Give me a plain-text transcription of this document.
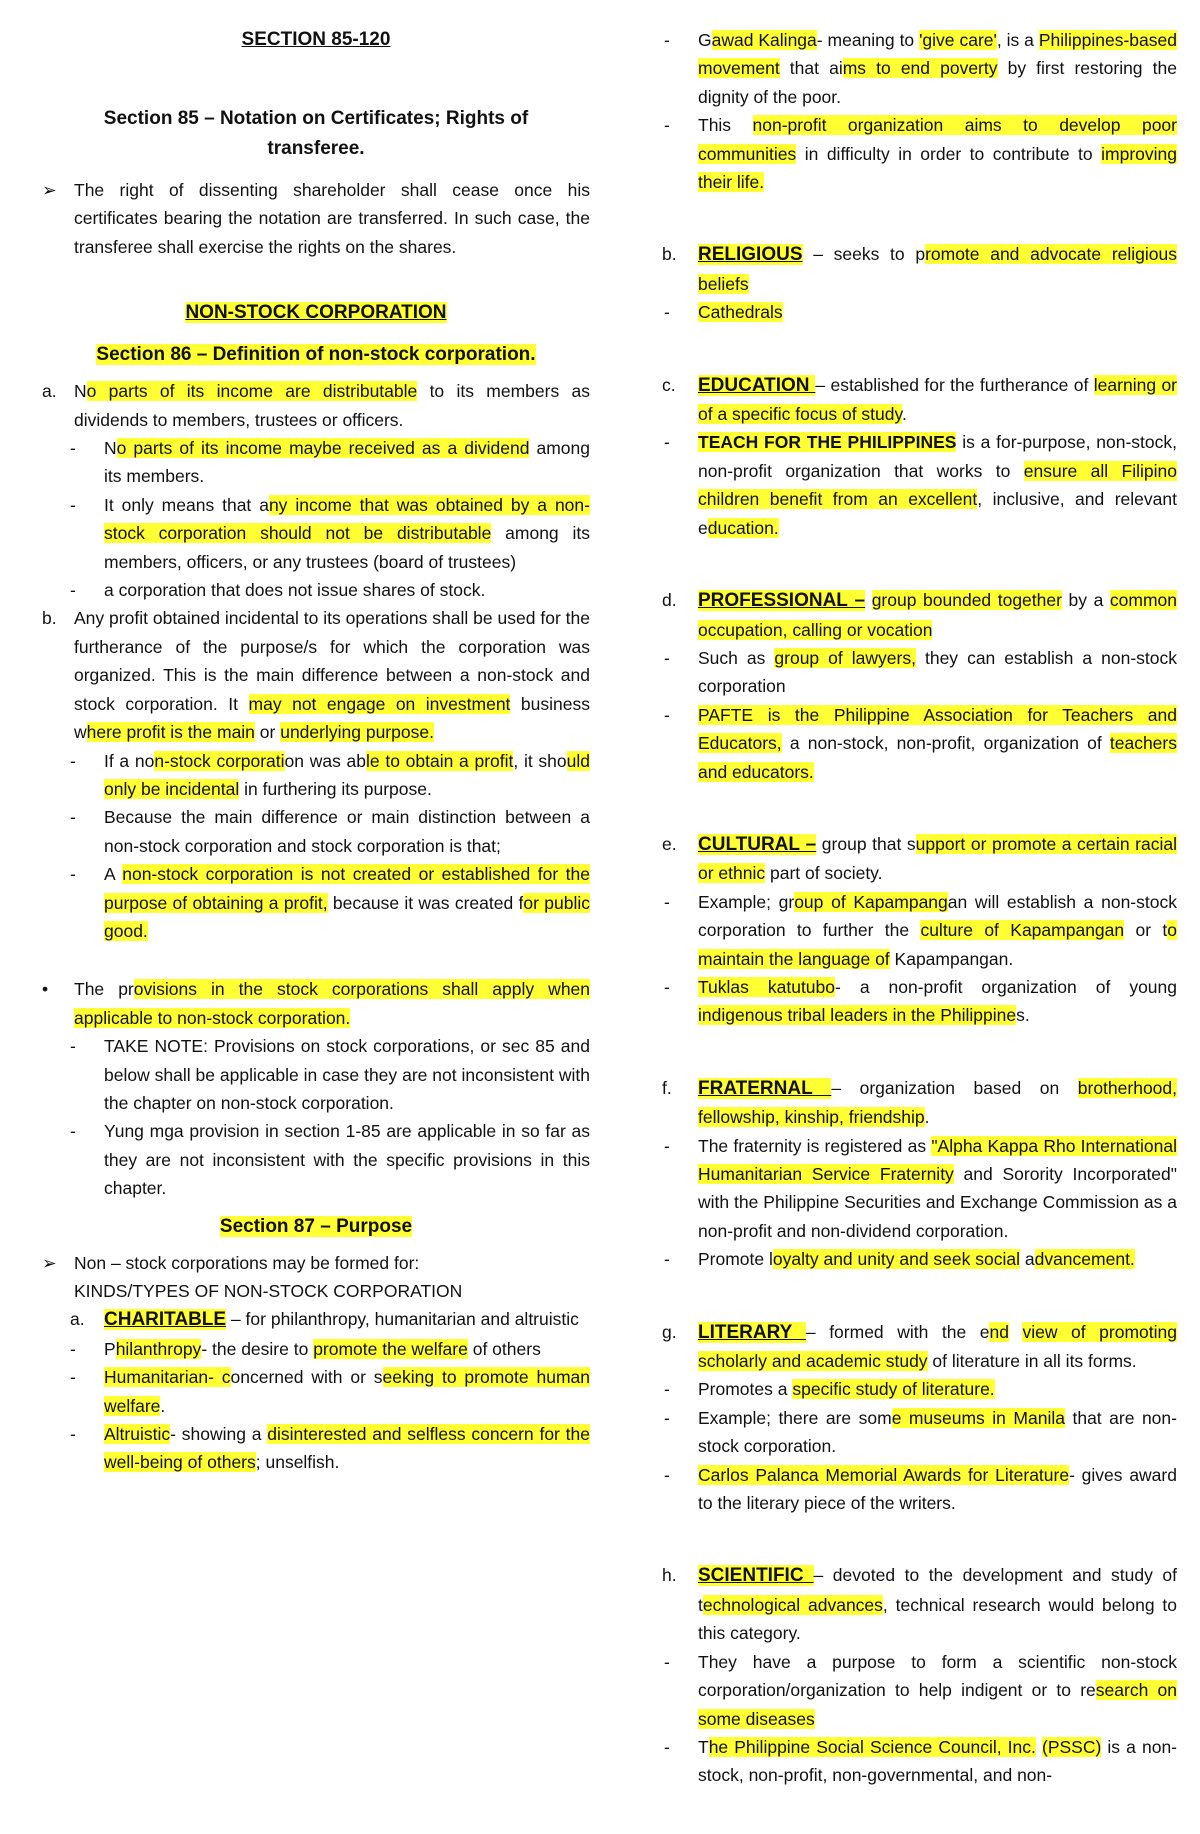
SECTION 85-120
Section 85 – Notation on Certificates; Rights of
transferee.
➢ The right of dissenting shareholder shall cease once his certificates bearing the notation are transferred. In such case, the transferee shall exercise the rights on the shares.
NON-STOCK CORPORATION
Section 86 – Definition of non-stock corporation.
a. No parts of its income are distributable to its members as dividends to members, trustees or officers.
- No parts of its income maybe received as a dividend among its members.
- It only means that any income that was obtained by a non-stock corporation should not be distributable among its members, officers, or any trustees (board of trustees)
- a corporation that does not issue shares of stock.
b. Any profit obtained incidental to its operations shall be used for the furtherance of the purpose/s for which the corporation was organized. This is the main difference between a non-stock and stock corporation. It may not engage on investment business where profit is the main or underlying purpose.
- If a non-stock corporation was able to obtain a profit, it should only be incidental in furthering its purpose.
- Because the main difference or main distinction between a non-stock corporation and stock corporation is that;
- A non-stock corporation is not created or established for the purpose of obtaining a profit, because it was created for public good.
• The provisions in the stock corporations shall apply when applicable to non-stock corporation.
- TAKE NOTE: Provisions on stock corporations, or sec 85 and below shall be applicable in case they are not inconsistent with the chapter on non-stock corporation.
- Yung mga provision in section 1-85 are applicable in so far as they are not inconsistent with the specific provisions in this chapter.
Section 87 – Purpose
➢ Non – stock corporations may be formed for:
KINDS/TYPES OF NON-STOCK CORPORATION
a. CHARITABLE – for philanthropy, humanitarian and altruistic
- Philanthropy- the desire to promote the welfare of others
- Humanitarian- concerned with or seeking to promote human welfare.
- Altruistic- showing a disinterested and selfless concern for the well-being of others; unselfish.
- Gawad Kalinga- meaning to 'give care', is a Philippines-based movement that aims to end poverty by first restoring the dignity of the poor.
- This non-profit organization aims to develop poor communities in difficulty in order to contribute to improving their life.
b. RELIGIOUS – seeks to promote and advocate religious beliefs
- Cathedrals
c. EDUCATION – established for the furtherance of learning or of a specific focus of study.
- TEACH FOR THE PHILIPPINES is a for-purpose, non-stock, non-profit organization that works to ensure all Filipino children benefit from an excellent, inclusive, and relevant education.
d. PROFESSIONAL – group bounded together by a common occupation, calling or vocation
- Such as group of lawyers, they can establish a non-stock corporation
- PAFTE is the Philippine Association for Teachers and Educators, a non-stock, non-profit, organization of teachers and educators.
e. CULTURAL – group that support or promote a certain racial or ethnic part of society.
- Example; group of Kapampangan will establish a non-stock corporation to further the culture of Kapampangan or to maintain the language of Kapampangan.
- Tuklas katutubo- a non-profit organization of young indigenous tribal leaders in the Philippines.
f. FRATERNAL – organization based on brotherhood, fellowship, kinship, friendship.
- The fraternity is registered as "Alpha Kappa Rho International Humanitarian Service Fraternity and Sorority Incorporated" with the Philippine Securities and Exchange Commission as a non-profit and non-dividend corporation.
- Promote loyalty and unity and seek social advancement.
g. LITERARY – formed with the end view of promoting scholarly and academic study of literature in all its forms.
- Promotes a specific study of literature.
- Example; there are some museums in Manila that are non-stock corporation.
- Carlos Palanca Memorial Awards for Literature- gives award to the literary piece of the writers.
h. SCIENTIFIC – devoted to the development and study of technological advances, technical research would belong to this category.
- They have a purpose to form a scientific non-stock corporation/organization to help indigent or to research on some diseases
- The Philippine Social Science Council, Inc. (PSSC) is a non-stock, non-profit, non-governmental, and non-
